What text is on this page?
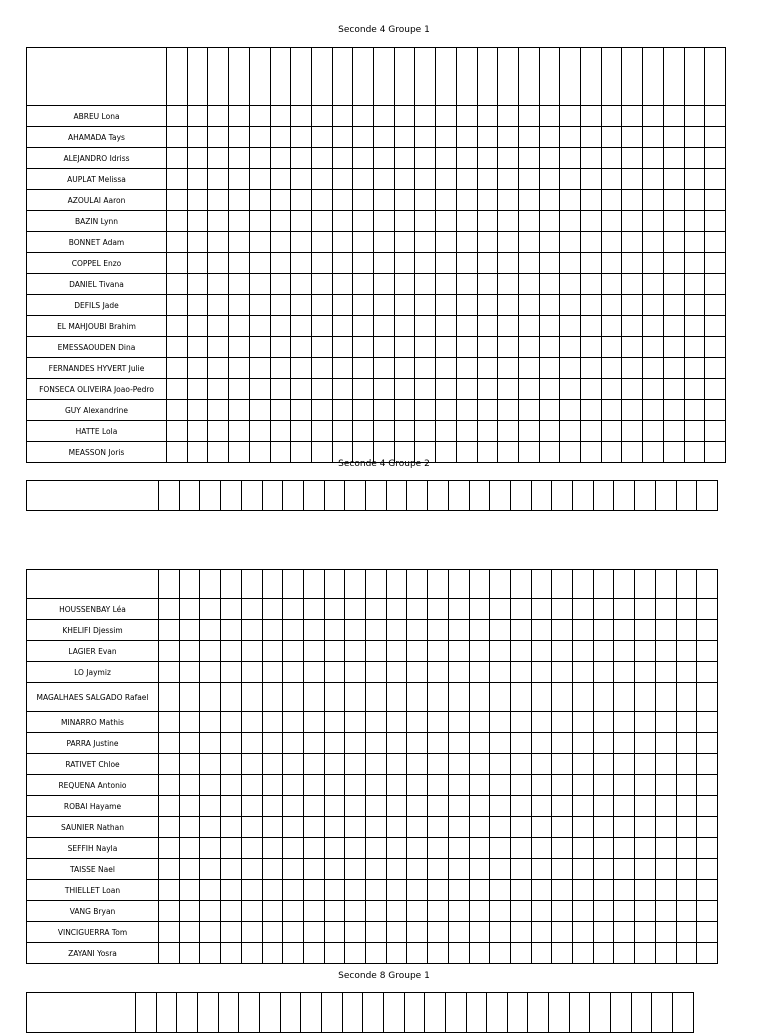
Seconde 4 Groupe 1

ABREU Lona																											
AHAMADA Tays																											
ALEJANDRO Idriss																											
AUPLAT Melissa																											
AZOULAI Aaron																											
BAZIN Lynn																											
BONNET Adam																											
COPPEL Enzo																											
DANIEL Tivana																											
DEFILS Jade																											
EL MAHJOUBI Brahim																											
EMESSAOUDEN Dina																											
FERNANDES HYVERT Julie																											
FONSECA OLIVEIRA Joao-Pedro																											
GUY Alexandrine																											
HATTE Lola																											
MEASSON Joris																											
Seconde 4 Groupe 2

HOUSSENBAY Léa																											
KHELIFI Djessim																											
LAGIER Evan																											
LO Jaymiz																											
MAGALHAES SALGADO Rafael																											
MINARRO Mathis																											
PARRA Justine																											
RATIVET Chloe																											
REQUENA Antonio																											
ROBAI Hayame																											
SAUNIER Nathan																											
SEFFIH Nayla																											
TAISSE Nael																											
THIELLET Loan																											
VANG Bryan																											
VINCIGUERRA Tom																											
ZAYANI Yosra																											
Seconde 8 Groupe 1
